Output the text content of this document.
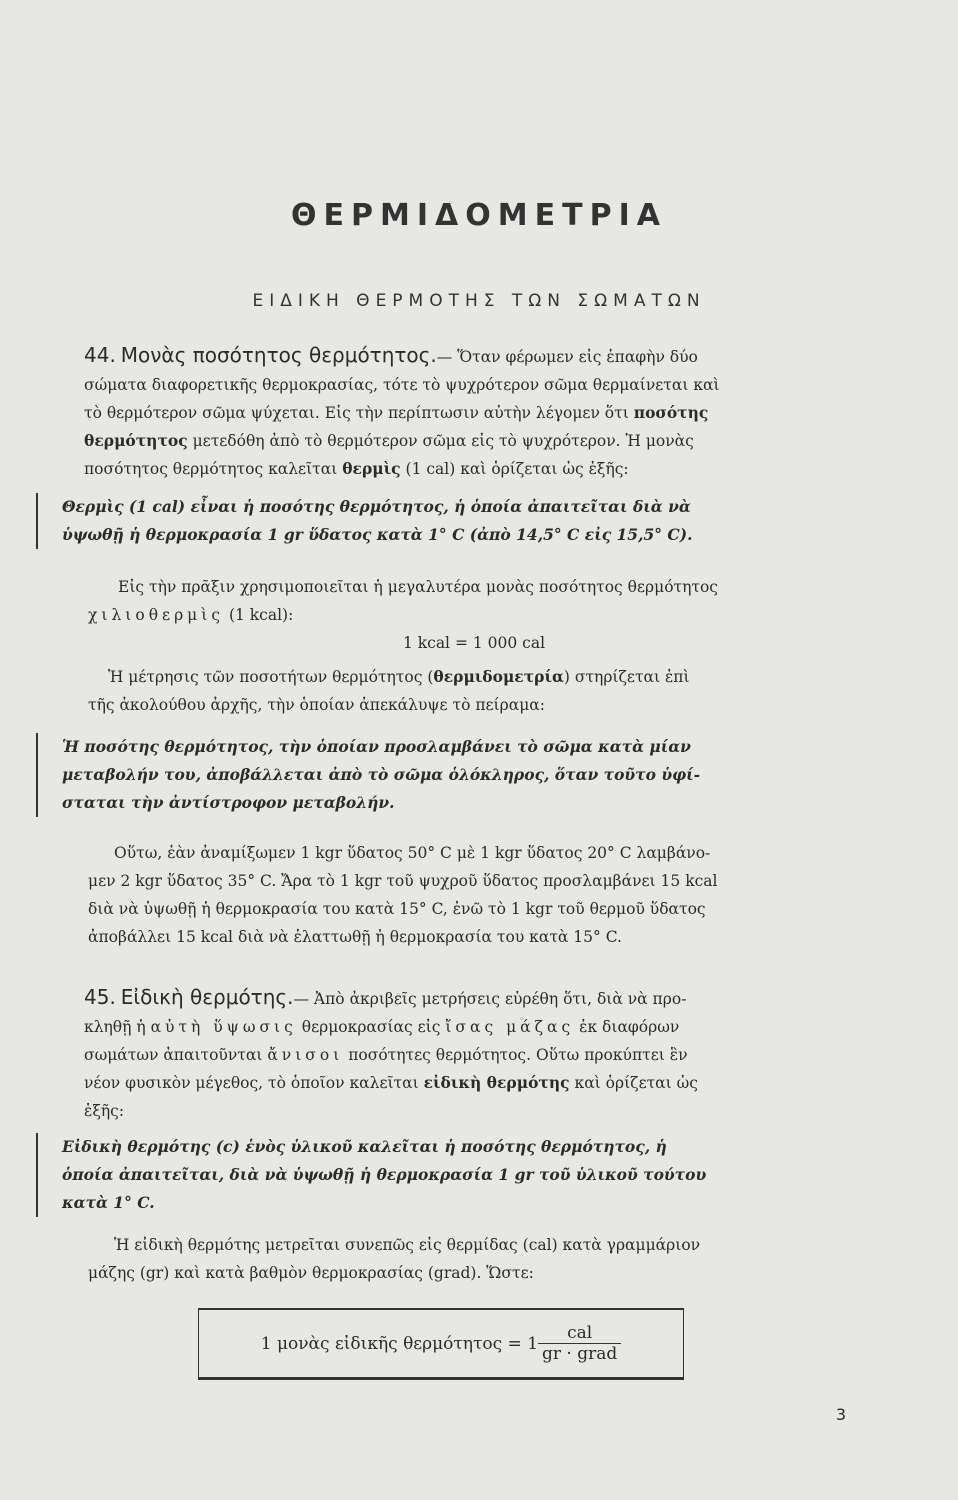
ΘΕΡΜΙΔΟΜΕΤΡΙΑ
ΕΙΔΙΚΗ ΘΕΡΜΟΤΗΣ ΤΩΝ ΣΩΜΑΤΩΝ
44. Μονὰς ποσότητος θερμότητος.— Ὅταν φέρωμεν εἰς ἐπαφὴν δύο
σώματα διαφορετικῆς θερμοκρασίας, τότε τὸ ψυχρότερον σῶμα θερμαίνεται καὶ
τὸ θερμότερον σῶμα ψύχεται. Εἰς τὴν περίπτωσιν αὐτὴν λέγομεν ὅτι ποσότης
θερμότητος μετεδόθη ἀπὸ τὸ θερμότερον σῶμα εἰς τὸ ψυχρότερον. Ἡ μονὰς
ποσότητος θερμότητος καλεῖται θερμὶς (1 cal) καὶ ὁρίζεται ὡς ἑξῆς:
Θερμὶς (1 cal) εἶναι ἡ ποσότης θερμότητος, ἡ ὁποία ἀπαιτεῖται διὰ νὰ
ὑψωθῇ ἡ θερμοκρασία 1 gr ὕδατος κατὰ 1° C (ἀπὸ 14,5° C εἰς 15,5° C).
Εἰς τὴν πρᾶξιν χρησιμοποιεῖται ἡ μεγαλυτέρα μονὰς ποσότητος θερμότητος
χιλιοθερμὶς (1 kcal):
1 kcal = 1 000 cal
Ἡ μέτρησις τῶν ποσοτήτων θερμότητος (θερμιδομετρία) στηρίζεται ἐπὶ
τῆς ἀκολούθου ἀρχῆς, τὴν ὁποίαν ἀπεκάλυψε τὸ πείραμα:
Ἡ ποσότης θερμότητος, τὴν ὁποίαν προσλαμβάνει τὸ σῶμα κατὰ μίαν
μεταβολήν του, ἀποβάλλεται ἀπὸ τὸ σῶμα ὁλόκληρος, ὅταν τοῦτο ὑφί-
σταται τὴν ἀντίστροφον μεταβολήν.
Οὕτω, ἐὰν ἀναμίξωμεν 1 kgr ὕδατος 50° C μὲ 1 kgr ὕδατος 20° C λαμβάνο-
μεν 2 kgr ὕδατος 35° C. Ἄρα τὸ 1 kgr τοῦ ψυχροῦ ὕδατος προσλαμβάνει 15 kcal
διὰ νὰ ὑψωθῇ ἡ θερμοκρασία του κατὰ 15° C, ἐνῶ τὸ 1 kgr τοῦ θερμοῦ ὕδατος
ἀποβάλλει 15 kcal διὰ νὰ ἐλαττωθῇ ἡ θερμοκρασία του κατὰ 15° C.
45. Εἰδικὴ θερμότης.— Ἀπὸ ἀκριβεῖς μετρήσεις εὑρέθη ὅτι, διὰ νὰ προ-
κληθῇ ἡ αὐτὴ ὕψωσις θερμοκρασίας εἰς ἴσας μάζας ἐκ διαφόρων
σωμάτων ἀπαιτοῦνται ἄνισοι ποσότητες θερμότητος. Οὕτω προκύπτει ἓν
νέον φυσικὸν μέγεθος, τὸ ὁποῖον καλεῖται εἰδικὴ θερμότης καὶ ὁρίζεται ὡς
ἑξῆς:
Εἰδικὴ θερμότης (c) ἑνὸς ὑλικοῦ καλεῖται ἡ ποσότης θερμότητος, ἡ
ὁποία ἀπαιτεῖται, διὰ νὰ ὑψωθῇ ἡ θερμοκρασία 1 gr τοῦ ὑλικοῦ τούτου
κατὰ 1° C.
Ἡ εἰδικὴ θερμότης μετρεῖται συνεπῶς εἰς θερμίδας (cal) κατὰ γραμμάριον
μάζης (gr) καὶ κατὰ βαθμὸν θερμοκρασίας (grad). Ὥστε:
1 μονὰς εἰδικῆς $\theta\varepsilon\rho\mu ό\tau\eta\tau o\varsigma = 1 \frac{\text{cal}}{\text{gr · grad}}$
3
